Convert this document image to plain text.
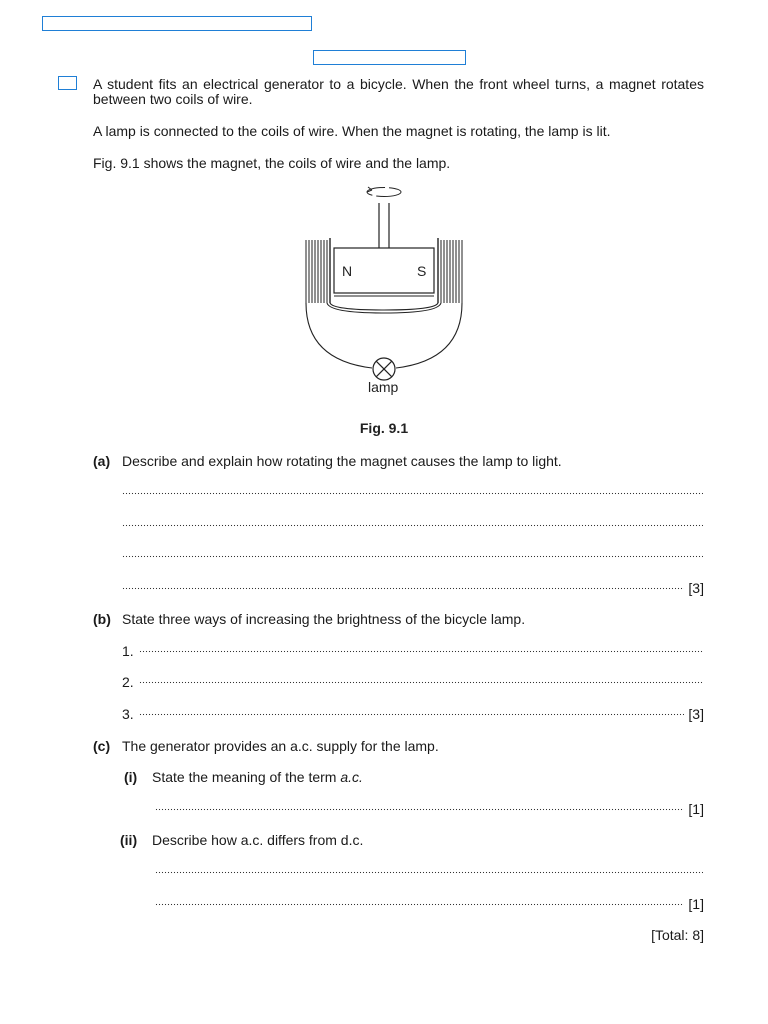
A student fits an electrical generator to a bicycle. When the front wheel turns, a magnet rotates between two coils of wire.
A lamp is connected to the coils of wire. When the magnet is rotating, the lamp is lit.
Fig. 9.1 shows the magnet, the coils of wire and the lamp.
N	S
lamp
Fig. 9.1
(a) Describe and explain how rotating the magnet causes the lamp to light.
[3]
(b) State three ways of increasing the brightness of the bicycle lamp.
1.
2.
3.	[3]
(c) The generator provides an a.c. supply for the lamp.
(i) State the meaning of the term a.c.
[1]
(ii) Describe how a.c. differs from d.c.
[1]
[Total: 8]
